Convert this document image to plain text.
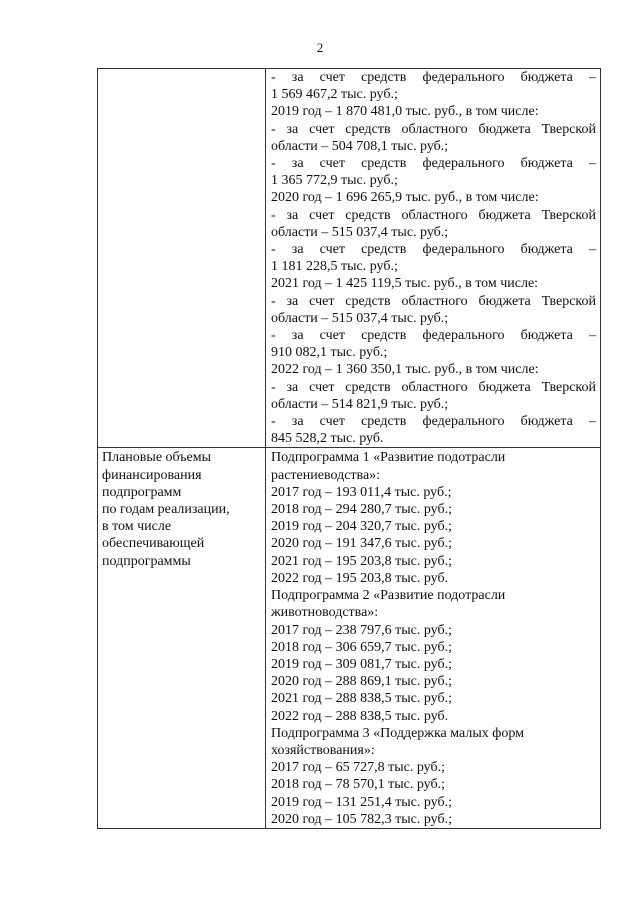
2
- за счет средств федерального бюджета –
1 569 467,2 тыс. руб.;
2019 год – 1 870 481,0 тыс. руб., в том числе:
- за счет средств областного бюджета Тверской
области – 504 708,1 тыс. руб.;
- за счет средств федерального бюджета –
1 365 772,9 тыс. руб.;
2020 год – 1 696 265,9 тыс. руб., в том числе:
- за счет средств областного бюджета Тверской
области – 515 037,4 тыс. руб.;
- за счет средств федерального бюджета –
1 181 228,5 тыс. руб.;
2021 год – 1 425 119,5 тыс. руб., в том числе:
- за счет средств областного бюджета Тверской
области – 515 037,4 тыс. руб.;
- за счет средств федерального бюджета –
910 082,1 тыс. руб.;
2022 год – 1 360 350,1 тыс. руб., в том числе:
- за счет средств областного бюджета Тверской
области – 514 821,9 тыс. руб.;
- за счет средств федерального бюджета –
845 528,2 тыс. руб.
Плановые объемы
финансирования
подпрограмм
по годам реализации,
в том числе
обеспечивающей
подпрограммы
Подпрограмма 1 «Развитие подотрасли
растениеводства»:
2017 год – 193 011,4 тыс. руб.;
2018 год – 294 280,7 тыс. руб.;
2019 год – 204 320,7 тыс. руб.;
2020 год – 191 347,6 тыс. руб.;
2021 год – 195 203,8 тыс. руб.;
2022 год – 195 203,8 тыс. руб.
Подпрограмма 2 «Развитие подотрасли
животноводства»:
2017 год – 238 797,6 тыс. руб.;
2018 год – 306 659,7 тыс. руб.;
2019 год – 309 081,7 тыс. руб.;
2020 год – 288 869,1 тыс. руб.;
2021 год – 288 838,5 тыс. руб.;
2022 год – 288 838,5 тыс. руб.
Подпрограмма 3 «Поддержка малых форм
хозяйствования»:
2017 год – 65 727,8 тыс. руб.;
2018 год – 78 570,1 тыс. руб.;
2019 год – 131 251,4 тыс. руб.;
2020 год – 105 782,3 тыс. руб.;
